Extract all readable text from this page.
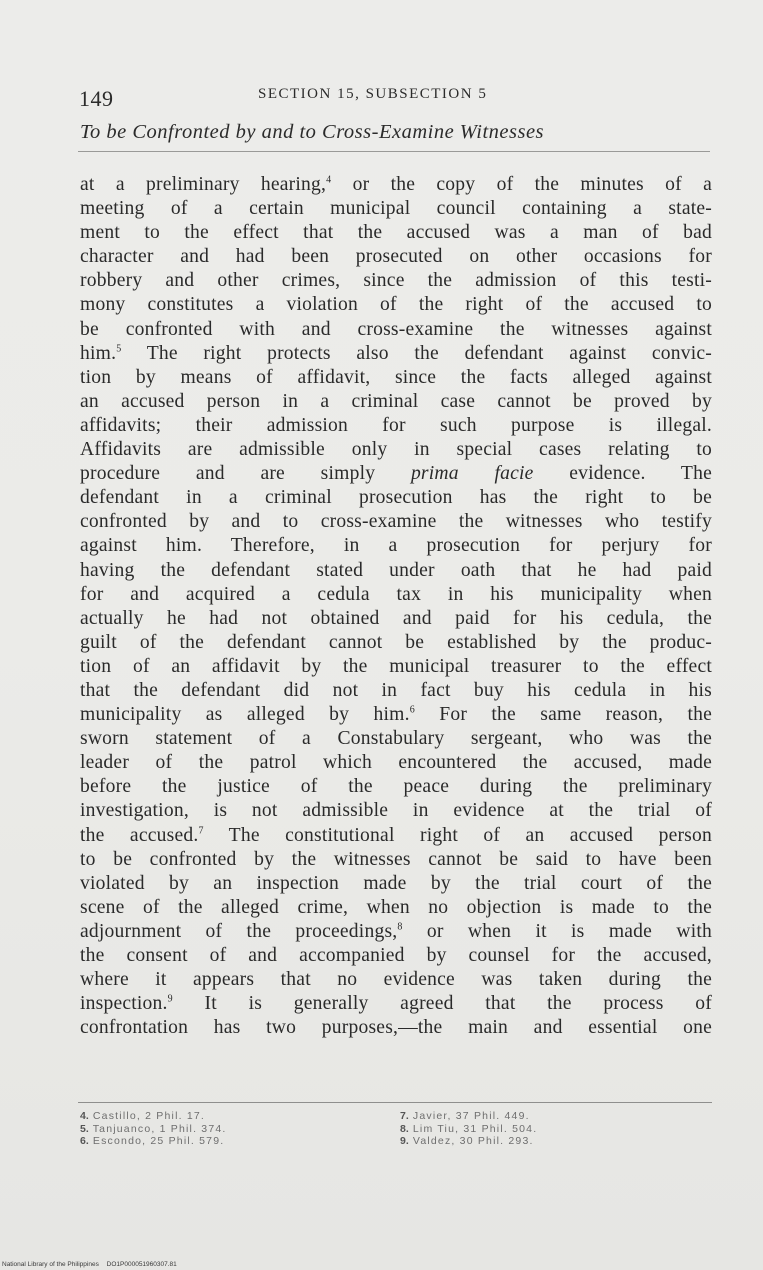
149	SECTION 15, SUBSECTION 5
To be Confronted by and to Cross-Examine Witnesses
at a preliminary hearing,$^4$ or the copy of the minutes of a
meeting of a certain municipal council containing a state-
ment to the effect that the accused was a man of bad
character and had been prosecuted on other occasions for
robbery and other crimes, since the admission of this testi-
mony constitutes a violation of the right of the accused to
be confronted with and cross-examine the witnesses against
him.$^5$ The right protects also the defendant against convic-
tion by means of affidavit, since the facts alleged against
an accused person in a criminal case cannot be proved by
affidavits; their admission for such purpose is illegal.
Affidavits are admissible only in special cases relating to
procedure and are simply prima facie evidence. The
defendant in a criminal prosecution has the right to be
confronted by and to cross-examine the witnesses who testify
against him. Therefore, in a prosecution for perjury for
having the defendant stated under oath that he had paid
for and acquired a cedula tax in his municipality when
actually he had not obtained and paid for his cedula, the
guilt of the defendant cannot be established by the produc-
tion of an affidavit by the municipal treasurer to the effect
that the defendant did not in fact buy his cedula in his
municipality as alleged by him.$^6$ For the same reason, the
sworn statement of a Constabulary sergeant, who was the
leader of the patrol which encountered the accused, made
before the justice of the peace during the preliminary
investigation, is not admissible in evidence at the trial of
the accused.$^7$ The constitutional right of an accused person
to be confronted by the witnesses cannot be said to have been
violated by an inspection made by the trial court of the
scene of the alleged crime, when no objection is made to the
adjournment of the proceedings,$^8$ or when it is made with
the consent of and accompanied by counsel for the accused,
where it appears that no evidence was taken during the
inspection.$^9$ It is generally agreed that the process of
confrontation has two purposes,—the main and essential one
4. Castillo, 2 Phil. 17.
5. Tanjuanco, 1 Phil. 374.
6. Escondo, 25 Phil. 579.
7. Javier, 37 Phil. 449.
8. Lim Tiu, 31 Phil. 504.
9. Valdez, 30 Phil. 293.
National Library of the Philippines DO1P000051960307.81
